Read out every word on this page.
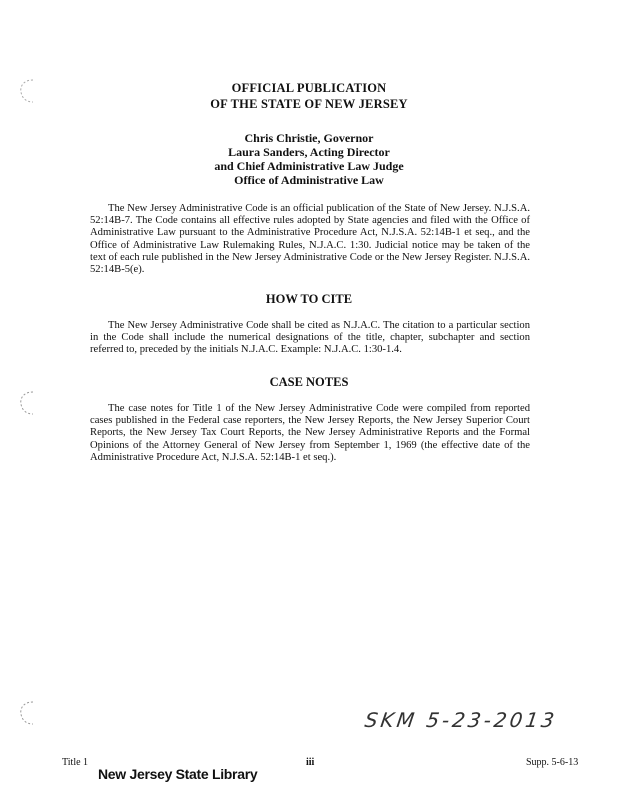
OFFICIAL PUBLICATION
OF THE STATE OF NEW JERSEY
Chris Christie, Governor
Laura Sanders, Acting Director
and Chief Administrative Law Judge
Office of Administrative Law

The New Jersey Administrative Code is an official publication of the State of New Jersey. N.J.S.A. 52:14B-7. The Code contains all effective rules adopted by State agencies and filed with the Office of Administrative Law pursuant to the Administrative Procedure Act, N.J.S.A. 52:14B-1 et seq., and the Office of Administrative Law Rulemaking Rules, N.J.A.C. 1:30. Judicial notice may be taken of the text of each rule published in the New Jersey Administrative Code or the New Jersey Register. N.J.S.A. 52:14B-5(e).

HOW TO CITE

The New Jersey Administrative Code shall be cited as N.J.A.C. The citation to a particular section in the Code shall include the numerical designations of the title, chapter, subchapter and section referred to, preceded by the initials N.J.A.C. Example: N.J.A.C. 1:30-1.4.

CASE NOTES

The case notes for Title 1 of the New Jersey Administrative Code were compiled from reported cases published in the Federal case reporters, the New Jersey Reports, the New Jersey Superior Court Reports, the New Jersey Tax Court Reports, the New Jersey Administrative Reports and the Formal Opinions of the Attorney General of New Jersey from September 1, 1969 (the effective date of the Administrative Procedure Act, N.J.S.A. 52:14B-1 et seq.).

SKM 5-23-2013
Title 1	iii	Supp. 5-6-13
New Jersey State Library
